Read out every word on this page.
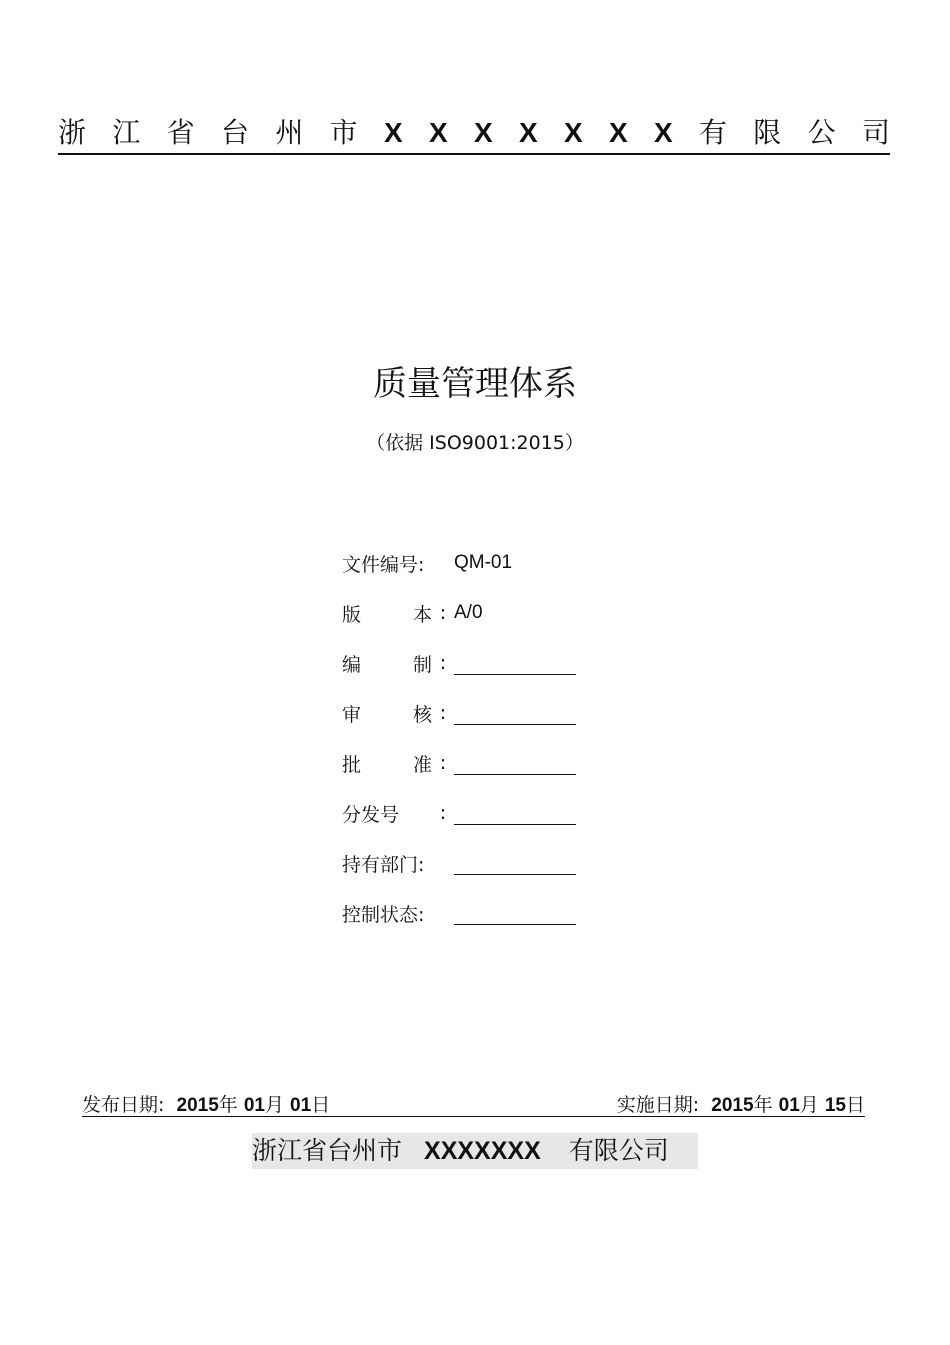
浙 江 省 台 州 市 X X X X X X X 有 限 公 司
质量管理体系
（依据 ISO9001:2015）
文件编号:	QM-01
版	本 : A/0
编	制 :
审	核 :
批	准 :
分发号	:
持有部门:
控制状态:
发布日期: 2015年 01月 01日	实施日期: 2015年 01月 15日
浙江省台州市 XXXXXXX 有限公司
